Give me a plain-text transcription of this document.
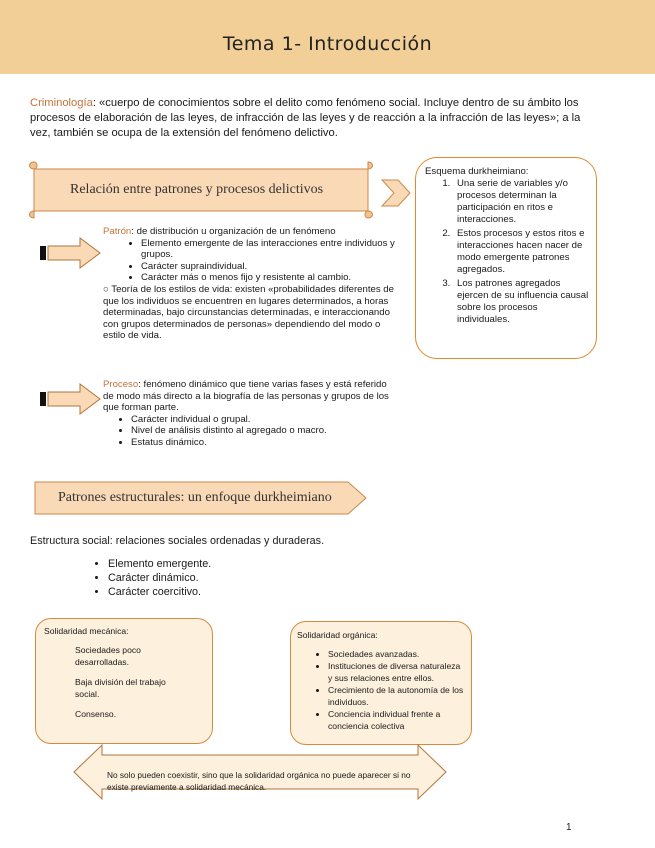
Tema 1- Introducción
Criminología: «cuerpo de conocimientos sobre el delito como fenómeno social. Incluye dentro de su ámbito los procesos de elaboración de las leyes, de infracción de las leyes y de reacción a la infracción de las leyes»; a la vez, también se ocupa de la extensión del fenómeno delictivo.
Relación entre patrones y procesos delictivos
Esquema durkheimiano:
1. Una serie de variables y/o procesos determinan la participación en ritos e interacciones.
2. Estos procesos y estos ritos e interacciones hacen nacer de modo emergente patrones agregados.
3. Los patrones agregados ejercen de su influencia causal sobre los procesos individuales.
Patrón: de distribución u organización de un fenómeno
• Elemento emergente de las interacciones entre individuos y grupos.
• Carácter supraindividual.
• Carácter más o menos fijo y resistente al cambio.
○ Teoría de los estilos de vida: existen «probabilidades diferentes de que los individuos se encuentren en lugares determinados, a horas determinadas, bajo circunstancias determinadas, e interaccionando con grupos determinados de personas» dependiendo del modo o estilo de vida.
Proceso: fenómeno dinámico que tiene varias fases y está referido de modo más directo a la biografía de las personas y grupos de los que forman parte.
• Carácter individual o grupal.
• Nivel de análisis distinto al agregado o macro.
• Estatus dinámico.
Patrones estructurales: un enfoque durkheimiano
Estructura social: relaciones sociales ordenadas y duraderas.
• Elemento emergente.
• Carácter dinámico.
• Carácter coercitivo.
Solidaridad mecánica:
Sociedades poco desarrolladas.
Baja división del trabajo social.
Consenso.
Solidaridad orgánica:
• Sociedades avanzadas.
• Instituciones de diversa naturaleza y sus relaciones entre ellos.
• Crecimiento de la autonomía de los individuos.
• Conciencia individual frente a conciencia colectiva
No solo pueden coexistir, sino que la solidaridad orgánica no puede aparecer si no existe previamente a solidaridad mecánica.
1
